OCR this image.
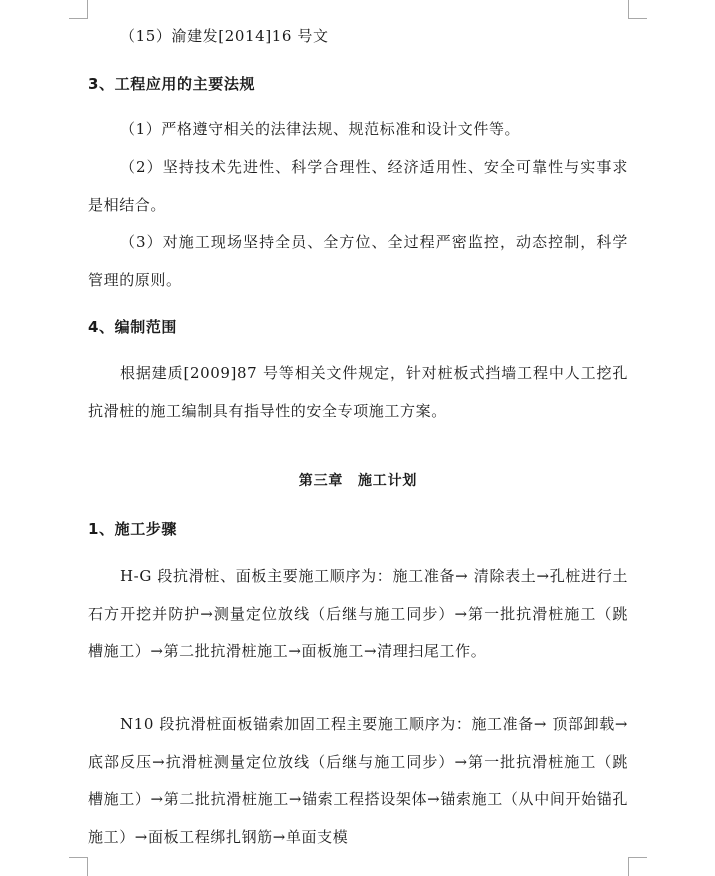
（15）渝建发[2014]16 号文

3、工程应用的主要法规

（1）严格遵守相关的法律法规、规范标准和设计文件等。

（2）坚持技术先进性、科学合理性、经济适用性、安全可靠性与实事求是相结合。

（3）对施工现场坚持全员、全方位、全过程严密监控，动态控制，科学管理的原则。

4、编制范围

根据建质[2009]87 号等相关文件规定，针对桩板式挡墙工程中人工挖孔抗滑桩的施工编制具有指导性的安全专项施工方案。

第三章　施工计划
1、施工步骤

H-G 段抗滑桩、面板主要施工顺序为：施工准备→ 清除表土→孔桩进行土石方开挖并防护→测量定位放线（后继与施工同步）→第一批抗滑桩施工（跳槽施工）→第二批抗滑桩施工→面板施工→清理扫尾工作。

N10 段抗滑桩面板锚索加固工程主要施工顺序为：施工准备→ 顶部卸载→底部反压→抗滑桩测量定位放线（后继与施工同步）→第一批抗滑桩施工（跳槽施工）→第二批抗滑桩施工→锚索工程搭设架体→锚索施工（从中间开始锚孔施工）→面板工程绑扎钢筋→单面支模
